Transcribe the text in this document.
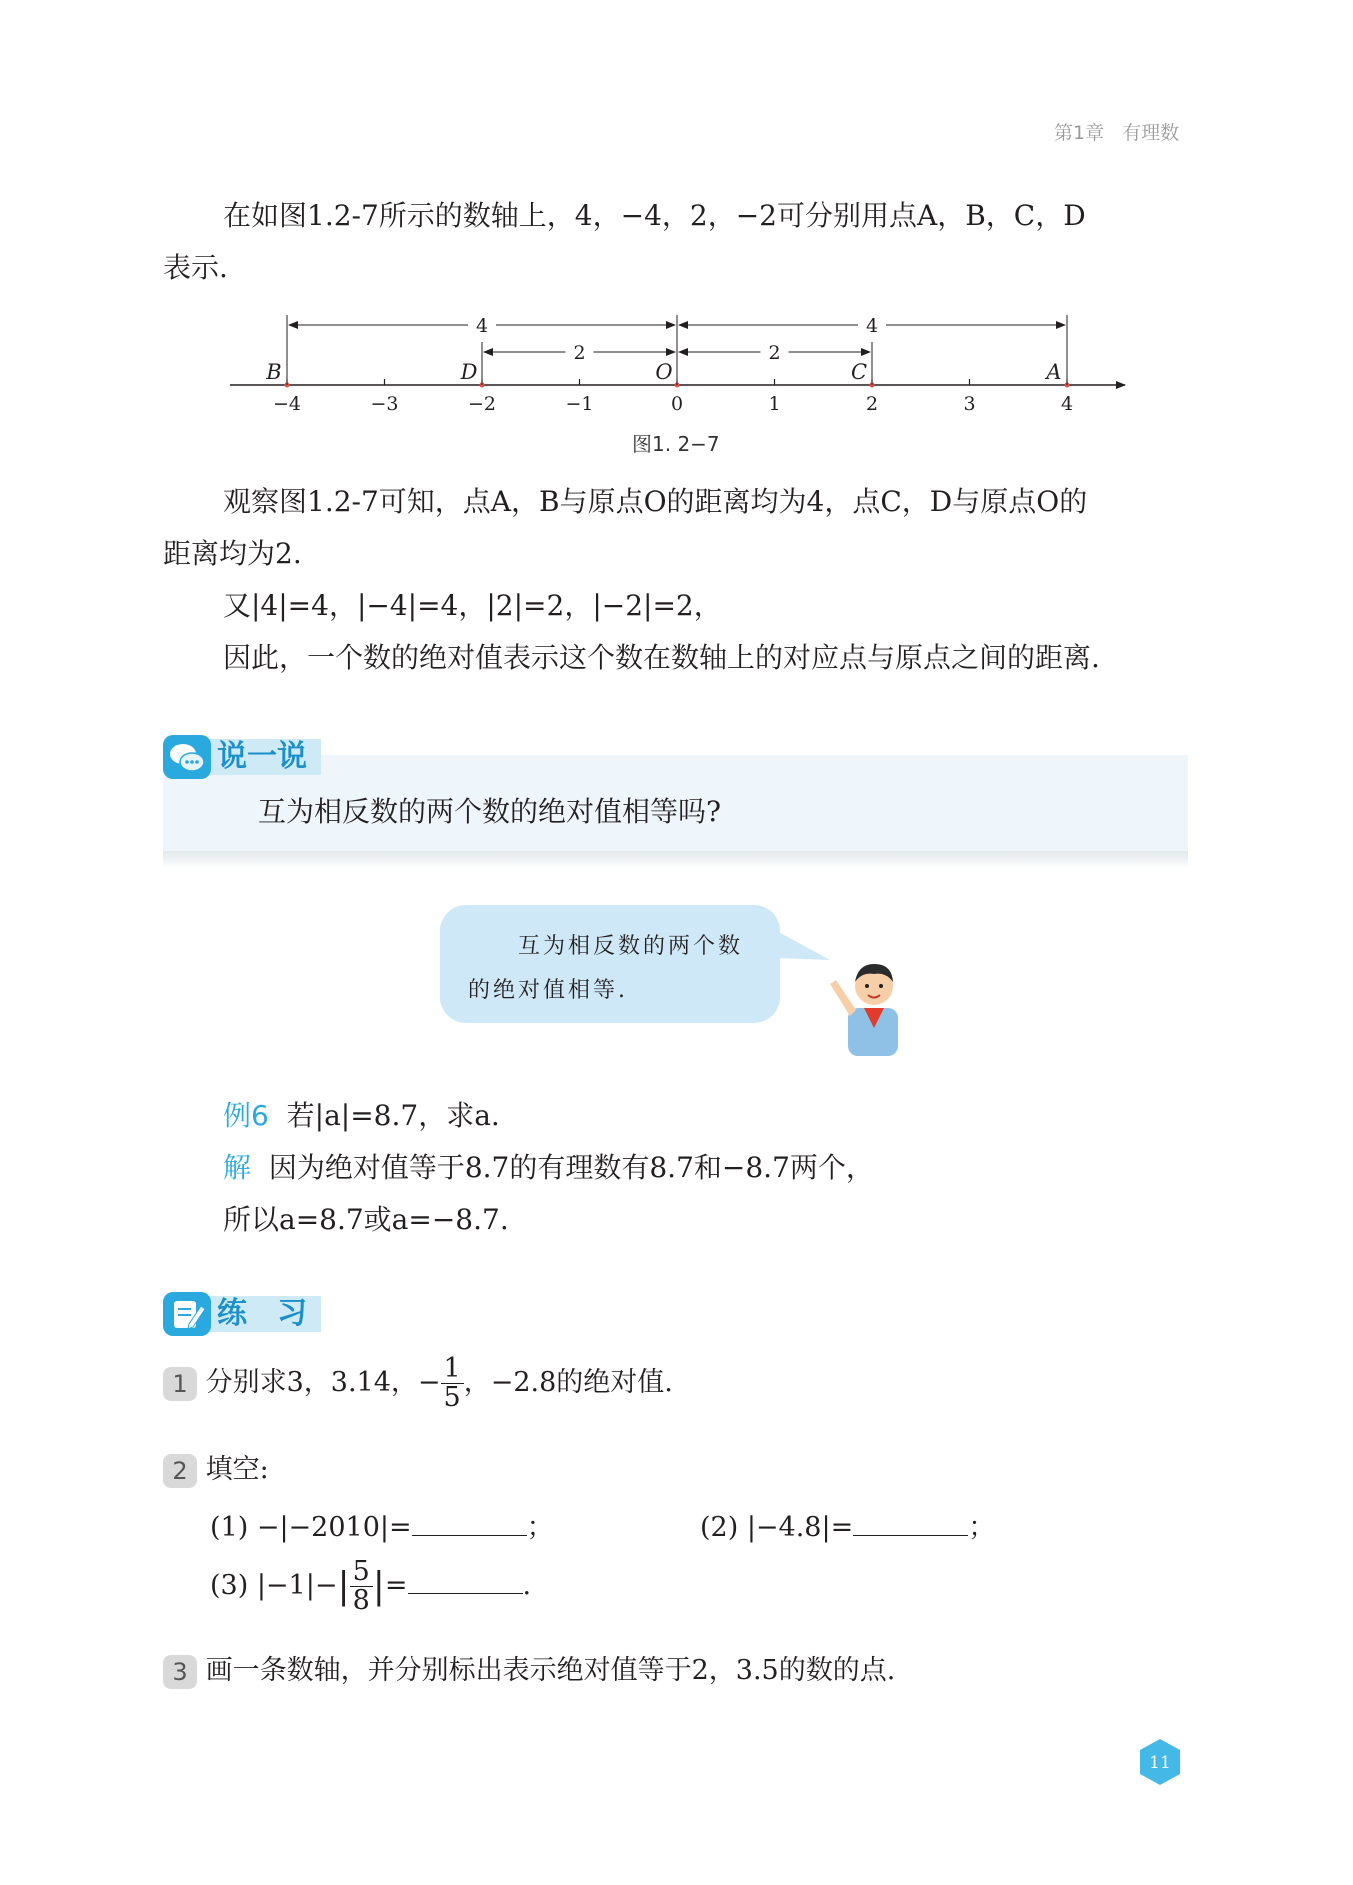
第1章 有理数
在如图1.2-7所示的数轴上，4，−4，2，−2可分别用点A，B，C，D
表示.
−4	−3	−2	−1	0	1	2	3	4
B	D	O	C	A
4	4
2	2
图1. 2−7
观察图1.2-7可知，点A，B与原点O的距离均为4，点C，D与原点O的
距离均为2.
又|4|=4，|−4|=4，|2|=2，|−2|=2，
因此，一个数的绝对值表示这个数在数轴上的对应点与原点之间的距离.
说一说
互为相反数的两个数的绝对值相等吗?
互为相反数的两个数
的绝对值相等.
例6 若|a|=8.7，求a.
解 因为绝对值等于8.7的有理数有8.7和−8.7两个，
所以a=8.7或a=−8.7.
练　习
1 分别求3，3.14，− $\frac{1}{5}$ ，−2.8的绝对值.
2 填空:
(1) −|−2010|=	；	(2) |−4.8|=	；
(3) $|-1|-| \frac{5}{8}$ |=	.
3 画一条数轴，并分别标出表示绝对值等于2，3.5的数的点.
11
